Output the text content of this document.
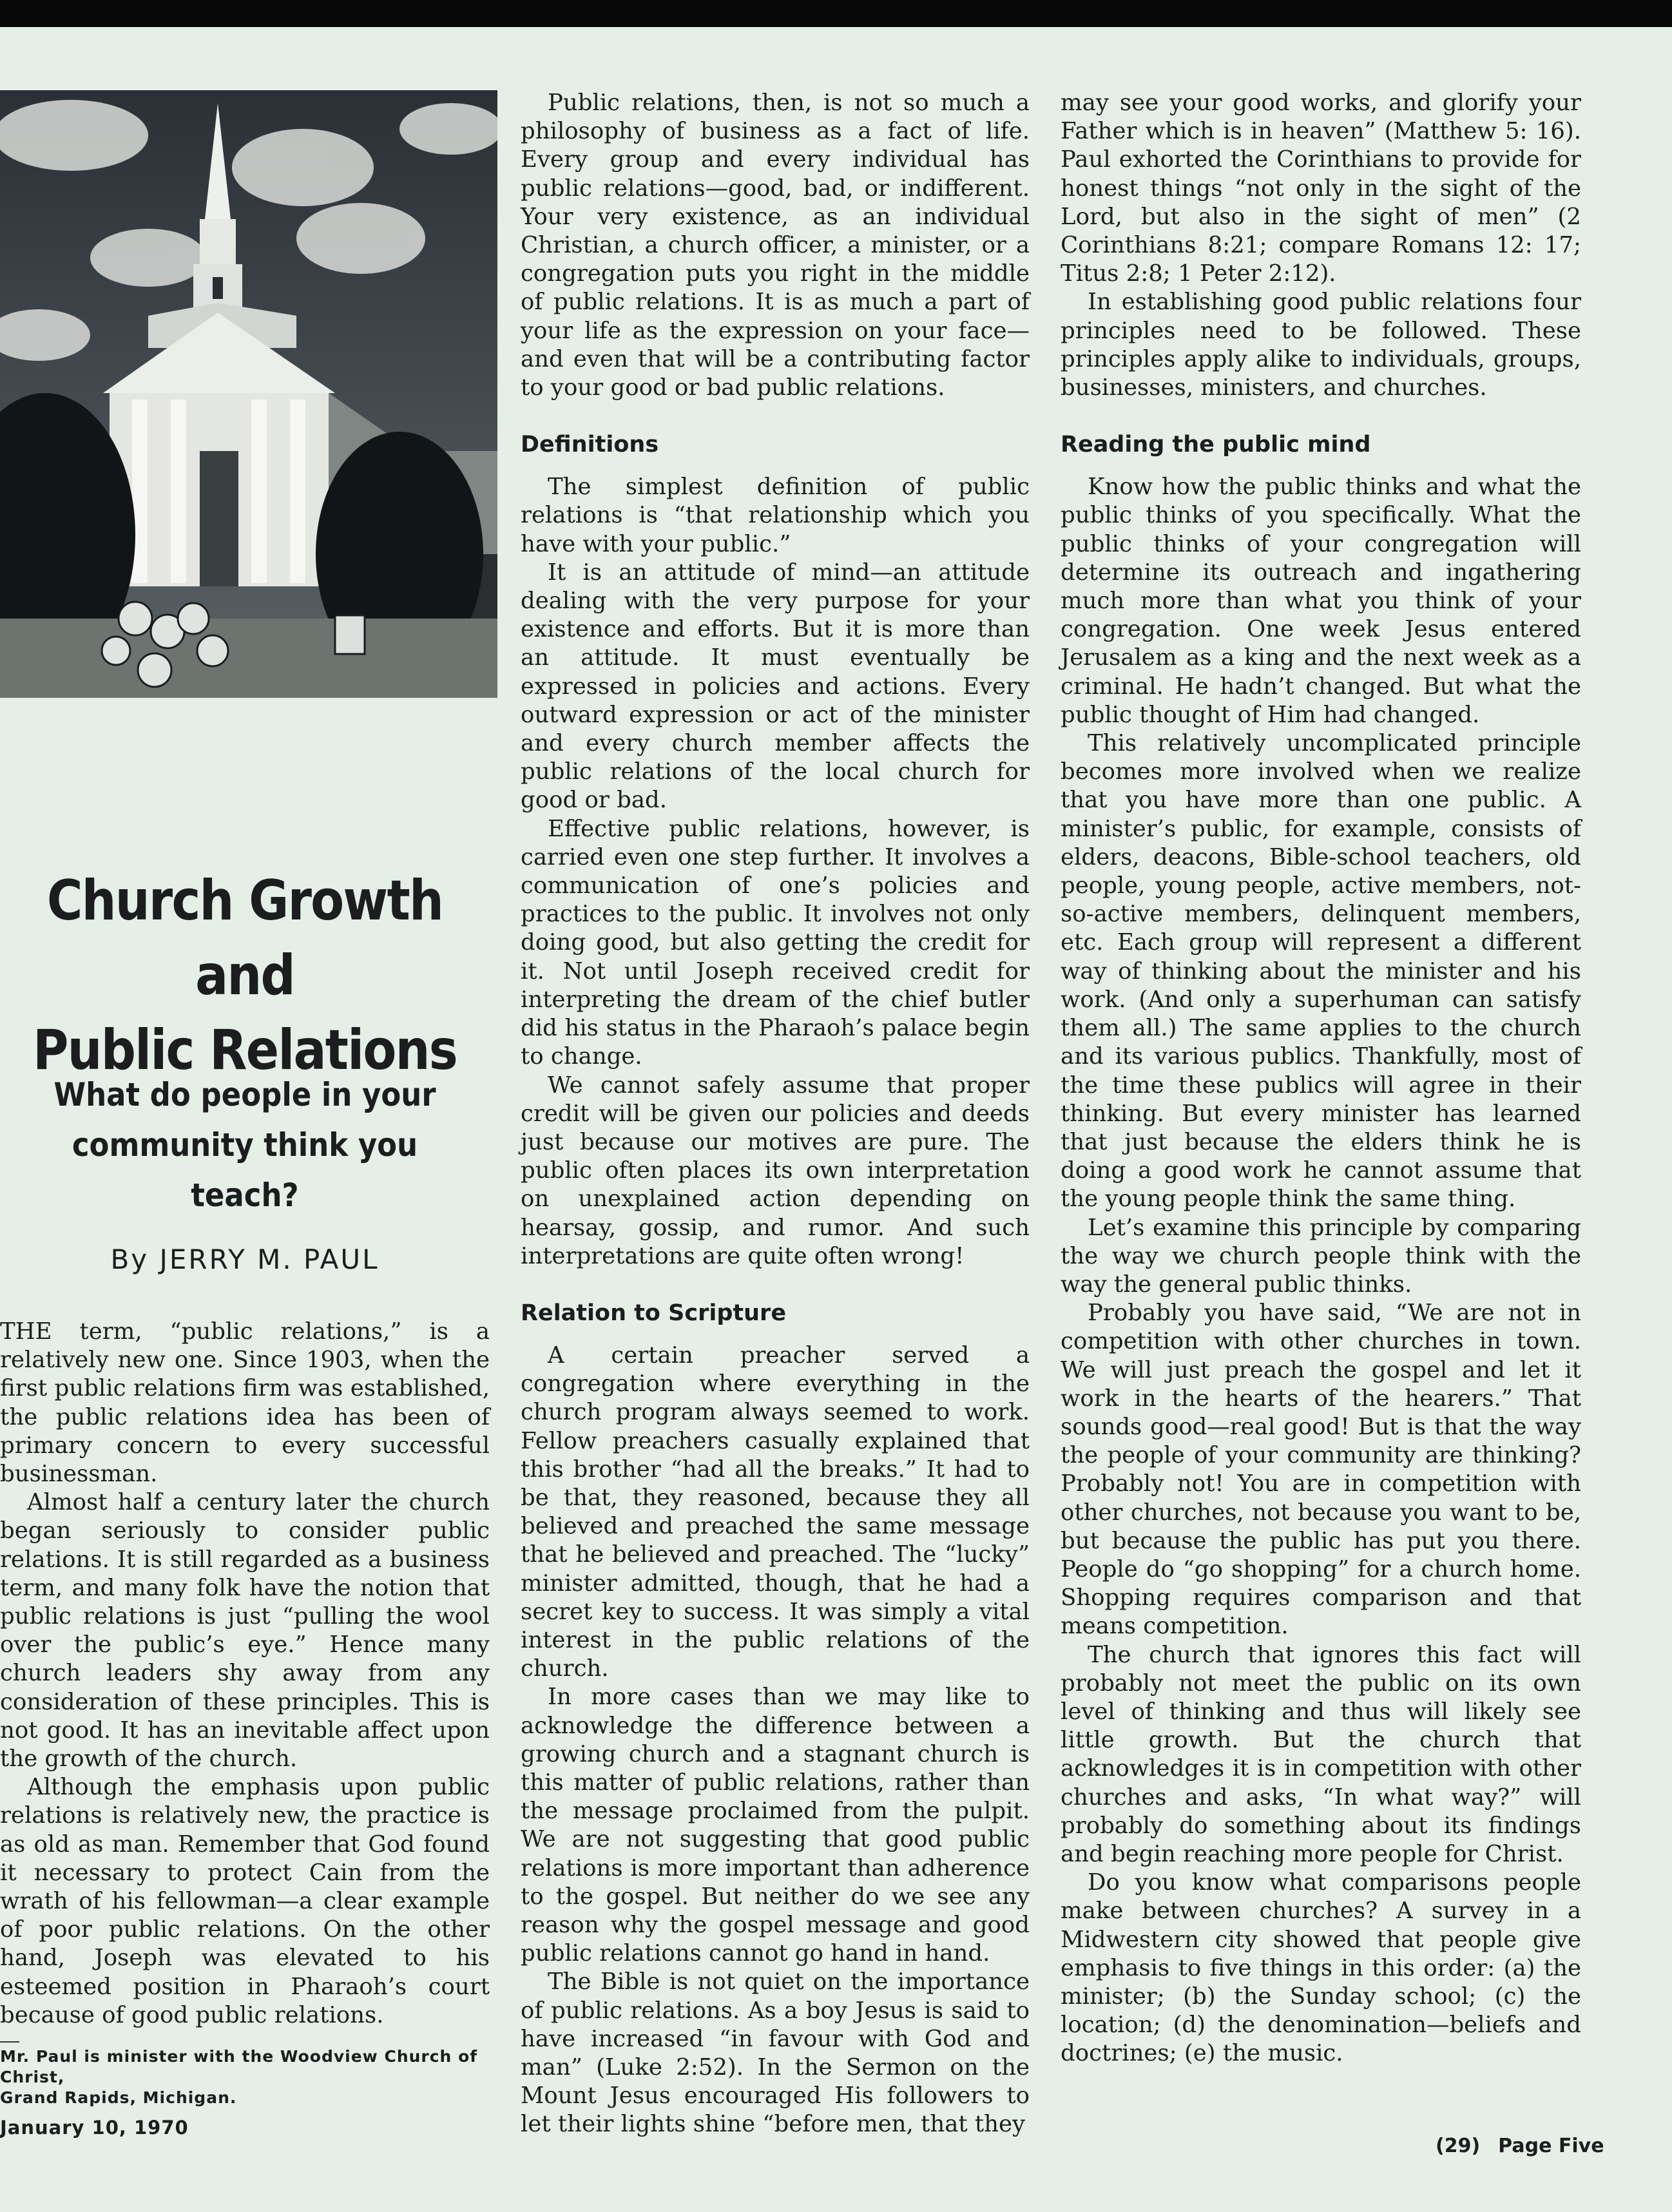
Church Growth and
Public Relations
What do people in your
community think you teach?
By JERRY M. PAUL

THE term, “public relations,” is a relatively new one. Since 1903, when the first public relations firm was established, the public relations idea has been of primary concern to every successful businessman.

Almost half a century later the church began seriously to consider public relations. It is still regarded as a business term, and many folk have the notion that public relations is just “pulling the wool over the public’s eye.” Hence many church leaders shy away from any consideration of these principles. This is not good. It has an inevitable affect upon the growth of the church.

Although the emphasis upon public relations is relatively new, the practice is as old as man. Remember that God found it necessary to protect Cain from the wrath of his fellowman—a clear example of poor public relations. On the other hand, Joseph was elevated to his esteemed position in Pharaoh’s court because of good public relations.

Mr. Paul is minister with the Woodview Church of Christ,
Grand Rapids, Michigan.

Public relations, then, is not so much a philosophy of business as a fact of life. Every group and every individual has public relations—good, bad, or indifferent. Your very existence, as an individual Christian, a church officer, a minister, or a congregation puts you right in the middle of public relations. It is as much a part of your life as the expression on your face—and even that will be a contributing factor to your good or bad public relations.

Definitions

The simplest definition of public relations is “that relationship which you have with your public.”

It is an attitude of mind—an attitude dealing with the very purpose for your existence and efforts. But it is more than an attitude. It must eventually be expressed in policies and actions. Every outward expression or act of the minister and every church member affects the public relations of the local church for good or bad.

Effective public relations, however, is carried even one step further. It involves a communication of one’s policies and practices to the public. It involves not only doing good, but also getting the credit for it. Not until Joseph received credit for interpreting the dream of the chief butler did his status in the Pharaoh’s palace begin to change.

We cannot safely assume that proper credit will be given our policies and deeds just because our motives are pure. The public often places its own interpretation on unexplained action depending on hearsay, gossip, and rumor. And such interpretations are quite often wrong!

Relation to Scripture

A certain preacher served a congregation where everything in the church program always seemed to work. Fellow preachers casually explained that this brother “had all the breaks.” It had to be that, they reasoned, because they all believed and preached the same message that he believed and preached. The “lucky” minister admitted, though, that he had a secret key to success. It was simply a vital interest in the public relations of the church.

In more cases than we may like to acknowledge the difference between a growing church and a stagnant church is this matter of public relations, rather than the message proclaimed from the pulpit. We are not suggesting that good public relations is more important than adherence to the gospel. But neither do we see any reason why the gospel message and good public relations cannot go hand in hand.

The Bible is not quiet on the importance of public relations. As a boy Jesus is said to have increased “in favour with God and man” (Luke 2:52). In the Sermon on the Mount Jesus encouraged His followers to let their lights shine “before men, that they

may see your good works, and glorify your Father which is in heaven” (Matthew 5: 16). Paul exhorted the Corinthians to provide for honest things “not only in the sight of the Lord, but also in the sight of men” (2 Corinthians 8:21; compare Romans 12: 17; Titus 2:8; 1 Peter 2:12).

In establishing good public relations four principles need to be followed. These principles apply alike to individuals, groups, businesses, ministers, and churches.

Reading the public mind

Know how the public thinks and what the public thinks of you specifically. What the public thinks of your congregation will determine its outreach and ingathering much more than what you think of your congregation. One week Jesus entered Jerusalem as a king and the next week as a criminal. He hadn’t changed. But what the public thought of Him had changed.

This relatively uncomplicated principle becomes more involved when we realize that you have more than one public. A minister’s public, for example, consists of elders, deacons, Bible-school teachers, old people, young people, active members, not-so-active members, delinquent members, etc. Each group will represent a different way of thinking about the minister and his work. (And only a superhuman can satisfy them all.) The same applies to the church and its various publics. Thankfully, most of the time these publics will agree in their thinking. But every minister has learned that just because the elders think he is doing a good work he cannot assume that the young people think the same thing.

Let’s examine this principle by comparing the way we church people think with the way the general public thinks.

Probably you have said, “We are not in competition with other churches in town. We will just preach the gospel and let it work in the hearts of the hearers.” That sounds good—real good! But is that the way the people of your community are thinking? Probably not! You are in competition with other churches, not because you want to be, but because the public has put you there. People do “go shopping” for a church home. Shopping requires comparison and that means competition.

The church that ignores this fact will probably not meet the public on its own level of thinking and thus will likely see little growth. But the church that acknowledges it is in competition with other churches and asks, “In what way?” will probably do something about its findings and begin reaching more people for Christ.

Do you know what comparisons people make between churches? A survey in a Midwestern city showed that people give emphasis to five things in this order: (a) the minister; (b) the Sunday school; (c) the location; (d) the denomination—beliefs and doctrines; (e) the music.

January 10, 1970
(29) Page Five
